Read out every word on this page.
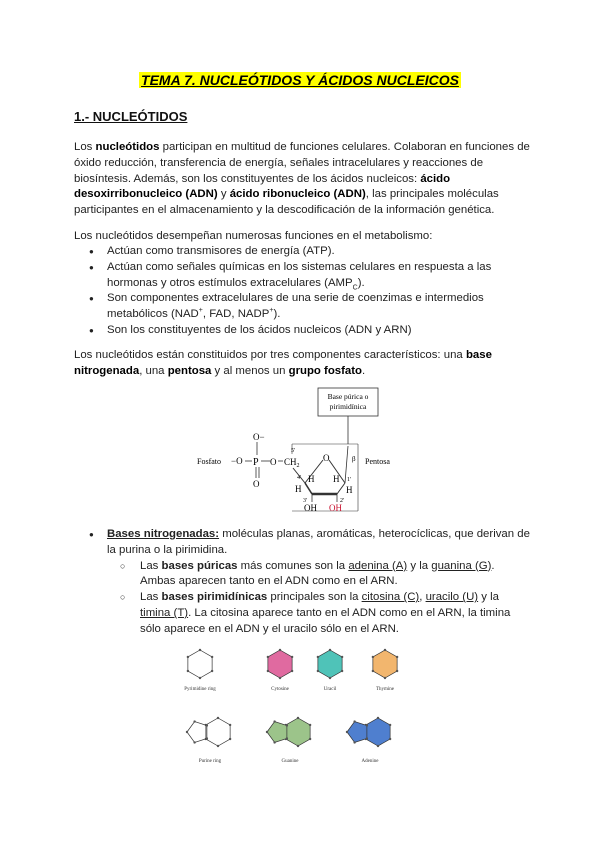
TEMA 7. NUCLEÓTIDOS Y ÁCIDOS NUCLEICOS
1.- NUCLEÓTIDOS
Los nucleótidos participan en multitud de funciones celulares. Colaboran en funciones de óxido reducción, transferencia de energía, señales intracelulares y reacciones de biosíntesis. Además, son los constituyentes de los ácidos nucleicos: ácido desoxirribonucleico (ADN) y ácido ribonucleico (ADN), las principales moléculas participantes en el almacenamiento y la descodificación de la información genética.
Los nucleótidos desempeñan numerosas funciones en el metabolismo:
● Actúan como transmisores de energía (ATP).
● Actúan como señales químicas en los sistemas celulares en respuesta a las hormonas y otros estímulos extracelulares $(AMP_C)$.
● Son componentes extracelulares de una serie de coenzimas e intermedios metabólicos (NAD+, FAD, NADP+).
● Son los constituyentes de los ácidos nucleicos (ADN y ARN)
Los nucleótidos están constituidos por tres componentes característicos: una base nitrogenada, una pentosa y al menos un grupo fosfato.
Base púrica o
pirimidínica
Pentosa
Fosfato −O P
O−
O
O $CH_2$
5'
O
4'	1'
β
H
H H
H
3'	2'
OH OH
● Bases nitrogenadas: moléculas planas, aromáticas, heterocíclicas, que derivan de la purina o la pirimidina.
○ Las bases púricas más comunes son la adenina (A) y la guanina (G). Ambas aparecen tanto en el ADN como en el ARN.
○ Las bases pirimidínicas principales son la citosina (C), uracilo (U) y la timina (T). La citosina aparece tanto en el ADN como en el ARN, la timina sólo aparece en el ADN y el uracilo sólo en el ARN.
Pyrimidine ring	Cytosine	Uracil	Thymine
Purine ring	Guanine	Adenine
